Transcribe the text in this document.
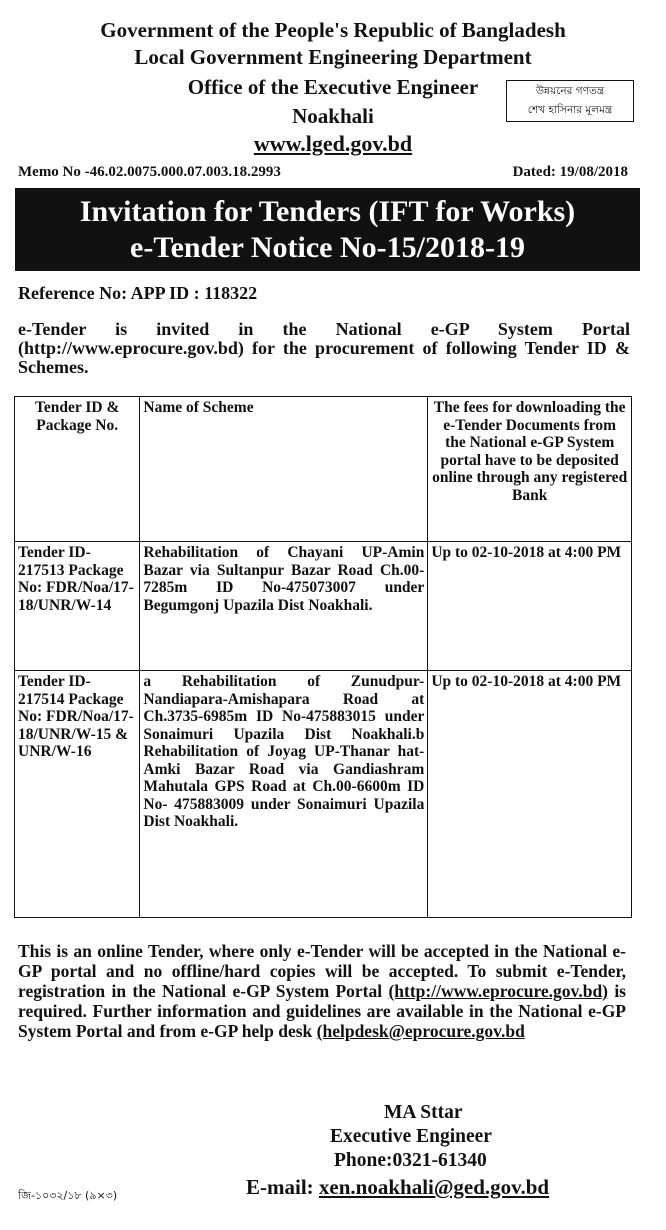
Government of the People's Republic of Bangladesh
Local Government Engineering Department
Office of the Executive Engineer
Noakhali
www.lged.gov.bd
উন্নয়নের গণতন্ত্র
শেখ হাসিনার মূলমন্ত্র
Memo No -46.02.0075.000.07.003.18.2993	Dated: 19/08/2018
Invitation for Tenders (IFT for Works)
e-Tender Notice No-15/2018-19
Reference No: APP ID : 118322
e-Tender is invited in the National e-GP System Portal (http://www.eprocure.gov.bd) for the procurement of following Tender ID & Schemes.
Tender ID & Package No.	Name of Scheme	The fees for downloading the e-Tender Documents from the National e-GP System portal have to be deposited online through any registered Bank
Tender ID-217513 Package No: FDR/Noa/17-18/UNR/W-14	Rehabilitation of Chayani UP-Amin Bazar via Sultanpur Bazar Road Ch.00-7285m ID No-475073007 under Begumgonj Upazila Dist Noakhali.	Up to 02-10-2018 at 4:00 PM
Tender ID-217514 Package No: FDR/Noa/17-18/UNR/W-15 & UNR/W-16	a Rehabilitation of Zunudpur-Nandiapara-Amishapara Road at Ch.3735-6985m ID No-475883015 under Sonaimuri Upazila Dist Noakhali.b Rehabilitation of Joyag UP-Thanar hat-Amki Bazar Road via Gandiashram Mahutala GPS Road at Ch.00-6600m ID No- 475883009 under Sonaimuri Upazila Dist Noakhali.	Up to 02-10-2018 at 4:00 PM
This is an online Tender, where only e-Tender will be accepted in the National e-GP portal and no offline/hard copies will be accepted. To submit e-Tender, registration in the National e-GP System Portal (http://www.eprocure.gov.bd) is required. Further information and guidelines are available in the National e-GP System Portal and from e-GP help desk (helpdesk@eprocure.gov.bd
MA Sttar
Executive Engineer
Phone:0321-61340
E-mail: xen.noakhali@ged.gov.bd
জি-১০৩২/১৮ (৯×৩)
